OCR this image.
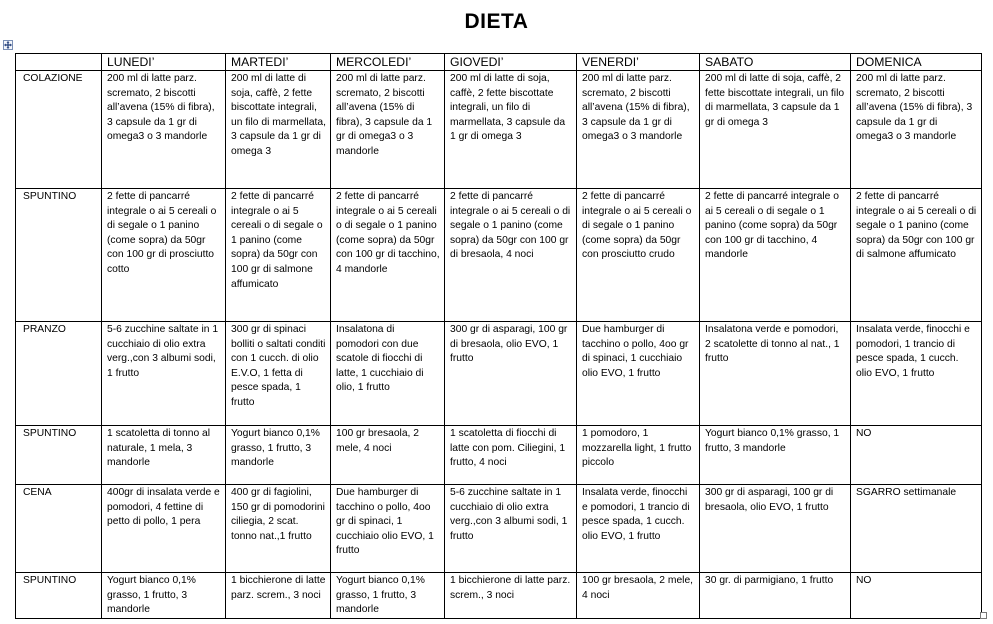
DIETA
	LUNEDI’	MARTEDI’	MERCOLEDI’	GIOVEDI’	VENERDI’	SABATO	DOMENICA
COLAZIONE	200 ml di latte parz. scremato, 2 biscotti all’avena (15% di fibra), 3 capsule da 1 gr di omega3 o 3 mandorle	200 ml di latte di soja, caffè, 2 fette biscottate integrali, un filo di marmellata, 3 capsule da 1 gr di omega 3	200 ml di latte parz. scremato, 2 biscotti all’avena (15% di fibra), 3 capsule da 1 gr di omega3 o 3 mandorle	200 ml di latte di soja, caffè, 2 fette biscottate integrali, un filo di marmellata, 3 capsule da 1 gr di omega 3	200 ml di latte parz. scremato, 2 biscotti all’avena (15% di fibra), 3 capsule da 1 gr di omega3 o 3 mandorle	200 ml di latte di soja, caffè, 2 fette biscottate integrali, un filo di marmellata, 3 capsule da 1 gr di omega 3	200 ml di latte parz. scremato, 2 biscotti all’avena (15% di fibra), 3 capsule da 1 gr di omega3 o 3 mandorle
SPUNTINO	2 fette di pancarré integrale o ai 5 cereali o di segale o 1 panino (come sopra) da 50gr con 100 gr di prosciutto cotto	2 fette di pancarré integrale o ai 5 cereali o di segale o 1 panino (come sopra) da 50gr con 100 gr di salmone affumicato	2 fette di pancarré integrale o ai 5 cereali o di segale o 1 panino (come sopra) da 50gr con 100 gr di tacchino, 4 mandorle	2 fette di pancarré integrale o ai 5 cereali o di segale o 1 panino (come sopra) da 50gr con 100 gr di bresaola, 4 noci	2 fette di pancarré integrale o ai 5 cereali o di segale o 1 panino (come sopra) da 50gr con prosciutto crudo	2 fette di pancarré integrale o ai 5 cereali o di segale o 1 panino (come sopra) da 50gr con 100 gr di tacchino, 4 mandorle	2 fette di pancarré integrale o ai 5 cereali o di segale o 1 panino (come sopra) da 50gr con 100 gr di salmone affumicato
PRANZO	5-6 zucchine saltate in 1 cucchiaio di olio extra verg.,con 3 albumi sodi, 1 frutto	300 gr di spinaci bolliti o saltati conditi con 1 cucch. di olio E.V.O, 1 fetta di pesce spada, 1 frutto	Insalatona di pomodori con due scatole di fiocchi di latte, 1 cucchiaio di olio, 1 frutto	300 gr di asparagi, 100 gr di bresaola, olio EVO, 1 frutto	Due hamburger di tacchino o pollo, 4oo gr di spinaci, 1 cucchiaio olio EVO, 1 frutto	Insalatona verde e pomodori, 2 scatolette di tonno al nat., 1 frutto	Insalata verde, finocchi e pomodori, 1 trancio di pesce spada, 1 cucch. olio EVO, 1 frutto
SPUNTINO	1 scatoletta di tonno al naturale, 1 mela, 3 mandorle	Yogurt bianco 0,1% grasso, 1 frutto, 3 mandorle	100 gr bresaola, 2 mele, 4 noci	1 scatoletta di fiocchi di latte con pom. Ciliegini, 1 frutto, 4 noci	1 pomodoro, 1 mozzarella light, 1 frutto piccolo	Yogurt bianco 0,1% grasso, 1 frutto, 3 mandorle	NO
CENA	400gr di insalata verde e pomodori, 4 fettine di petto di pollo, 1 pera	400 gr di fagiolini, 150 gr di pomodorini ciliegia, 2 scat. tonno nat.,1 frutto	Due hamburger di tacchino o pollo, 4oo gr di spinaci, 1 cucchiaio olio EVO, 1 frutto	5-6 zucchine saltate in 1 cucchiaio di olio extra verg.,con 3 albumi sodi, 1 frutto	Insalata verde, finocchi e pomodori, 1 trancio di pesce spada, 1 cucch. olio EVO, 1 frutto	300 gr di asparagi, 100 gr di bresaola, olio EVO, 1 frutto	SGARRO settimanale
SPUNTINO	Yogurt bianco 0,1% grasso, 1 frutto, 3 mandorle	1 bicchierone di latte parz. screm., 3 noci	Yogurt bianco 0,1% grasso, 1 frutto, 3 mandorle	1 bicchierone di latte parz. screm., 3 noci	100 gr bresaola, 2 mele, 4 noci	30 gr. di parmigiano, 1 frutto	NO
